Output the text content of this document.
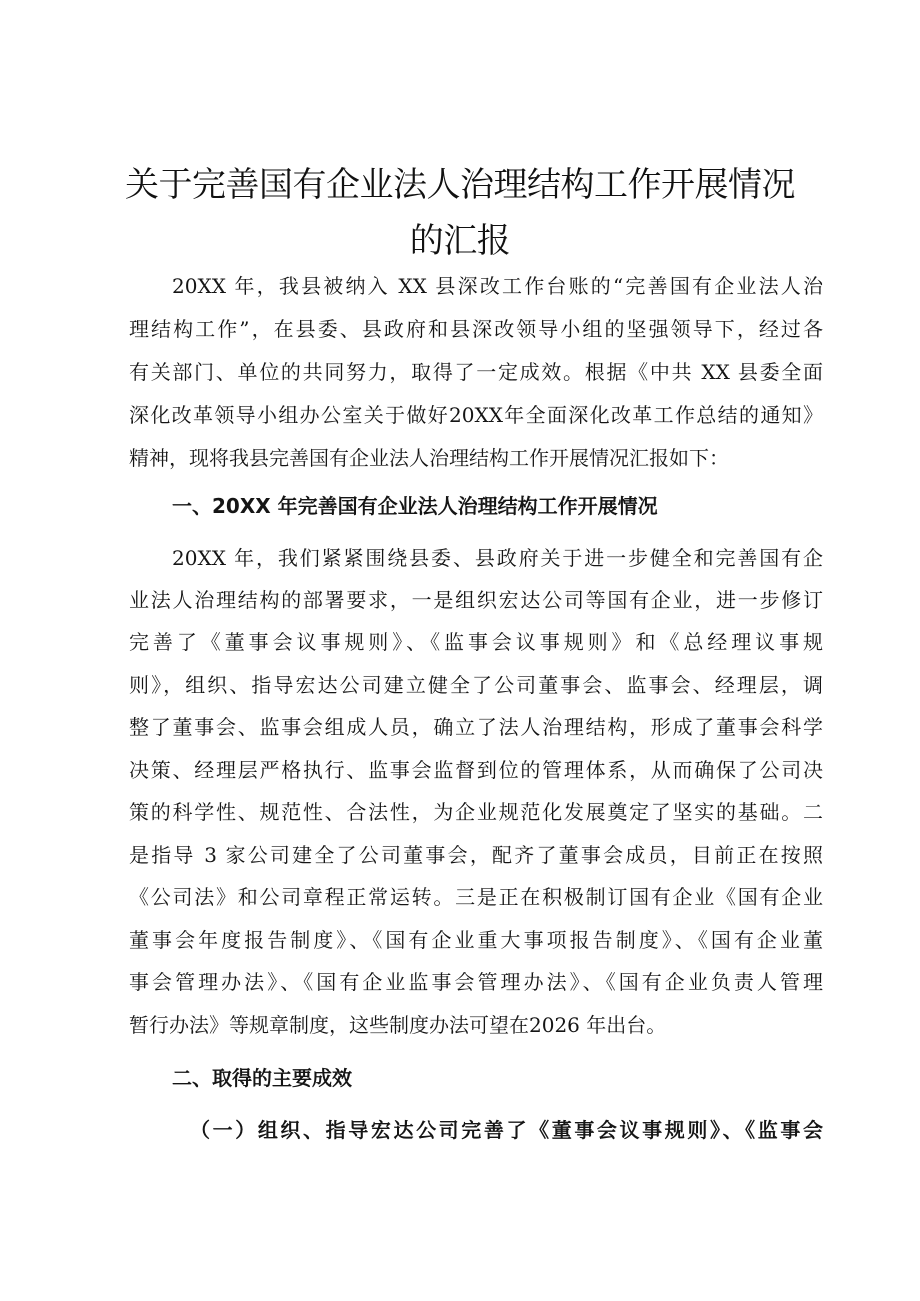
关于完善国有企业法人治理结构工作开展情况
的汇报
20XX 年，我县被纳入 XX 县深改工作台账的“完善国有企业法人治
理结构工作”，在县委、县政府和县深改领导小组的坚强领导下，经过各
有关部门、单位的共同努力，取得了一定成效。根据《中共 XX 县委全面
深化改革领导小组办公室关于做好20XX年全面深化改革工作总结的通知》
精神，现将我县完善国有企业法人治理结构工作开展情况汇报如下：
一、20XX 年完善国有企业法人治理结构工作开展情况
20XX 年，我们紧紧围绕县委、县政府关于进一步健全和完善国有企
业法人治理结构的部署要求，一是组织宏达公司等国有企业，进一步修订
完善了《董事会议事规则》、《监事会议事规则》和《总经理议事规
则》，组织、指导宏达公司建立健全了公司董事会、监事会、经理层，调
整了董事会、监事会组成人员，确立了法人治理结构，形成了董事会科学
决策、经理层严格执行、监事会监督到位的管理体系，从而确保了公司决
策的科学性、规范性、合法性，为企业规范化发展奠定了坚实的基础。二
是指导 3 家公司建全了公司董事会，配齐了董事会成员，目前正在按照
《公司法》和公司章程正常运转。三是正在积极制订国有企业《国有企业
董事会年度报告制度》、《国有企业重大事项报告制度》、《国有企业董
事会管理办法》、《国有企业监事会管理办法》、《国有企业负责人管理
暂行办法》等规章制度，这些制度办法可望在2026 年出台。
二、取得的主要成效
（一）组织、指导宏达公司完善了《董事会议事规则》、《监事会
